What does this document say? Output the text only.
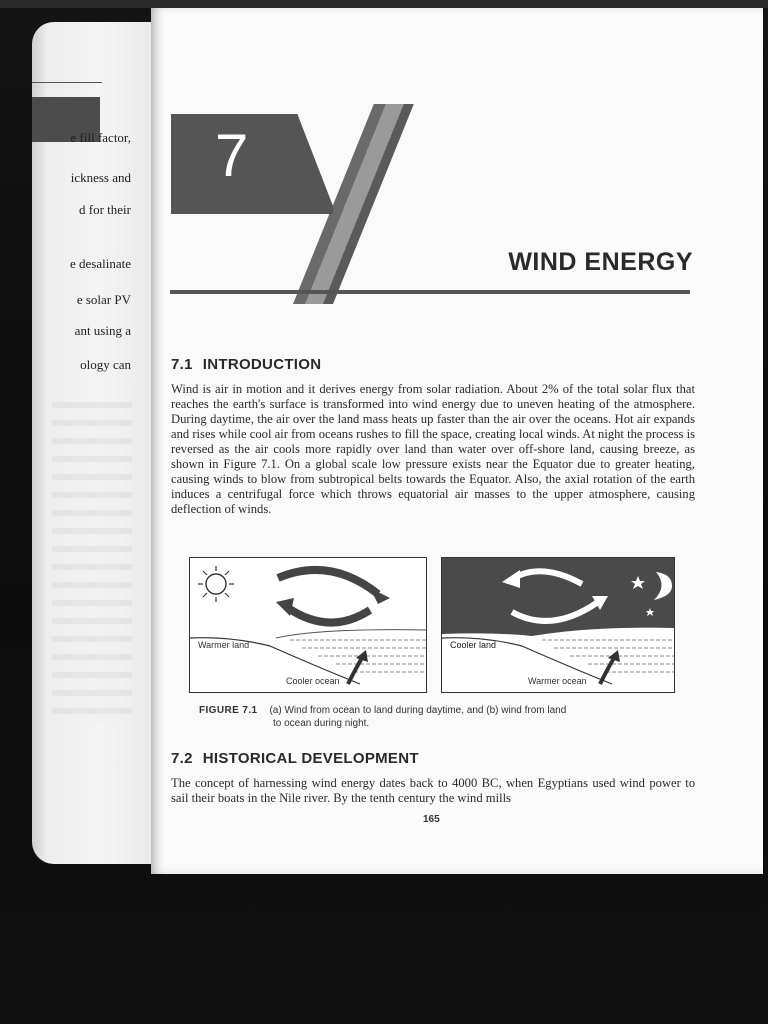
e fill factor,
ickness and
d for their
e desalinate
e solar PV
ant using a
ology can
7
WIND ENERGY
7.1 INTRODUCTION
Wind is air in motion and it derives energy from solar radiation. About 2% of the total solar flux that reaches the earth's surface is transformed into wind energy due to uneven heating of the atmosphere. During daytime, the air over the land mass heats up faster than the air over the oceans. Hot air expands and rises while cool air from oceans rushes to fill the space, creating local winds. At night the process is reversed as the air cools more rapidly over land than water over off-shore land, causing breeze, as shown in Figure 7.1. On a global scale low pressure exists near the Equator due to greater heating, causing winds to blow from subtropical belts towards the Equator. Also, the axial rotation of the earth induces a centrifugal force which throws equatorial air masses to the upper atmosphere, causing deflection of winds.
Warmer land
Cooler ocean
Cooler land
Warmer ocean
FIGURE 7.1 (a) Wind from ocean to land during daytime, and (b) wind from land
to ocean during night.
7.2 HISTORICAL DEVELOPMENT
The concept of harnessing wind energy dates back to 4000 BC, when Egyptians used wind power to sail their boats in the Nile river. By the tenth century the wind mills
165
